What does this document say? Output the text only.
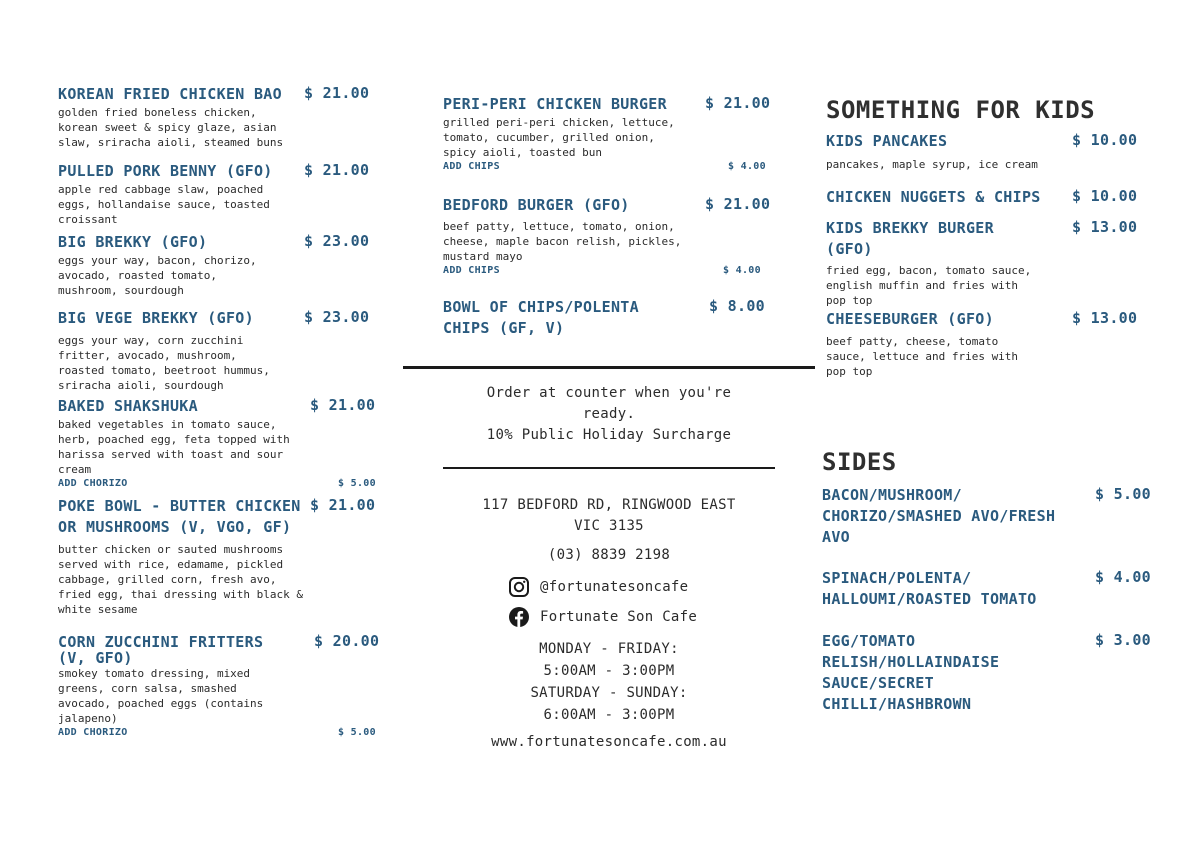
KOREAN FRIED CHICKEN BAO	$ 21.00
golden fried boneless chicken,
korean sweet & spicy glaze, asian
slaw, sriracha aioli, steamed buns
PULLED PORK BENNY (GFO)	$ 21.00
apple red cabbage slaw, poached
eggs, hollandaise sauce, toasted
croissant
BIG BREKKY (GFO)	$ 23.00
eggs your way, bacon, chorizo,
avocado, roasted tomato,
mushroom, sourdough
BIG VEGE BREKKY (GFO)	$ 23.00
eggs your way, corn zucchini
fritter, avocado, mushroom,
roasted tomato, beetroot hummus,
sriracha aioli, sourdough
BAKED SHAKSHUKA	$ 21.00
baked vegetables in tomato sauce,
herb, poached egg, feta topped with
harissa served with toast and sour
cream
ADD CHORIZO	$ 5.00
POKE BOWL - BUTTER CHICKEN
OR MUSHROOMS (V, VGO, GF)
$ 21.00
butter chicken or sauted mushrooms
served with rice, edamame, pickled
cabbage, grilled corn, fresh avo,
fried egg, thai dressing with black &
white sesame
CORN ZUCCHINI FRITTERS
(V, GFO)
$ 20.00
smokey tomato dressing, mixed
greens, corn salsa, smashed
avocado, poached eggs (contains
jalapeno)
ADD CHORIZO	$ 5.00
PERI-PERI CHICKEN BURGER	$ 21.00
grilled peri-peri chicken, lettuce,
tomato, cucumber, grilled onion,
spicy aioli, toasted bun
ADD CHIPS	$ 4.00
BEDFORD BURGER (GFO)	$ 21.00
beef patty, lettuce, tomato, onion,
cheese, maple bacon relish, pickles,
mustard mayo
ADD CHIPS	$ 4.00
BOWL OF CHIPS/POLENTA
CHIPS (GF, V)
$ 8.00
Order at counter when you're
ready.
10% Public Holiday Surcharge
117 BEDFORD RD, RINGWOOD EAST
VIC 3135
(03) 8839 2198
@fortunatesoncafe
Fortunate Son Cafe
MONDAY - FRIDAY:
5:00AM - 3:00PM
SATURDAY - SUNDAY:
6:00AM - 3:00PM
www.fortunatesoncafe.com.au
SOMETHING FOR KIDS
KIDS PANCAKES	$ 10.00
pancakes, maple syrup, ice cream
CHICKEN NUGGETS & CHIPS	$ 10.00
KIDS BREKKY BURGER
(GFO)
$ 13.00
fried egg, bacon, tomato sauce,
english muffin and fries with
pop top
CHEESEBURGER (GFO)	$ 13.00
beef patty, cheese, tomato
sauce, lettuce and fries with
pop top
SIDES
BACON/MUSHROOM/
CHORIZO/SMASHED AVO/FRESH
AVO
$ 5.00
SPINACH/POLENTA/
HALLOUMI/ROASTED TOMATO
$ 4.00
EGG/TOMATO
RELISH/HOLLAINDAISE
SAUCE/SECRET
CHILLI/HASHBROWN
$ 3.00
